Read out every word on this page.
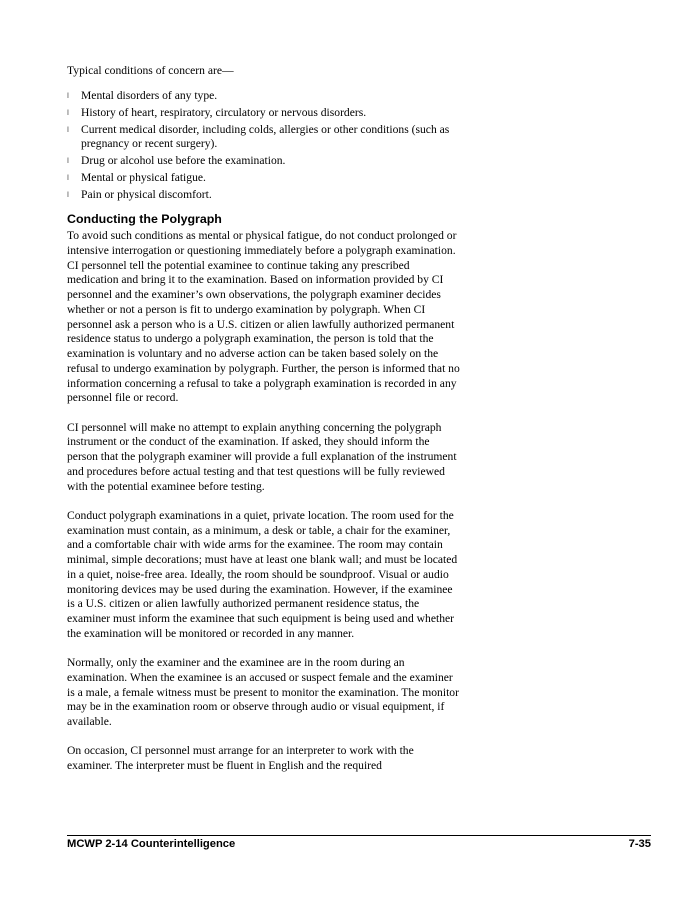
Typical conditions of concern are—

l Mental disorders of any type.
l History of heart, respiratory, circulatory or nervous disorders.
l Current medical disorder, including colds, allergies or other conditions (such as pregnancy or recent surgery).
l Drug or alcohol use before the examination.
l Mental or physical fatigue.
l Pain or physical discomfort.
Conducting the Polygraph

To avoid such conditions as mental or physical fatigue, do not conduct prolonged or intensive interrogation or questioning immediately before a polygraph examination. CI personnel tell the potential examinee to continue taking any prescribed medication and bring it to the examination. Based on information provided by CI personnel and the examiner’s own observations, the polygraph examiner decides whether or not a person is fit to undergo examination by polygraph. When CI personnel ask a person who is a U.S. citizen or alien lawfully authorized permanent residence status to undergo a polygraph examination, the person is told that the examination is voluntary and no adverse action can be taken based solely on the refusal to undergo examination by polygraph. Further, the person is informed that no information concerning a refusal to take a polygraph examination is recorded in any personnel file or record.

CI personnel will make no attempt to explain anything concerning the polygraph instrument or the conduct of the examination. If asked, they should inform the person that the polygraph examiner will provide a full explanation of the instrument and procedures before actual testing and that test questions will be fully reviewed with the potential examinee before testing.

Conduct polygraph examinations in a quiet, private location. The room used for the examination must contain, as a minimum, a desk or table, a chair for the examiner, and a comfortable chair with wide arms for the examinee. The room may contain minimal, simple decorations; must have at least one blank wall; and must be located in a quiet, noise-free area. Ideally, the room should be soundproof. Visual or audio monitoring devices may be used during the examination. However, if the examinee is a U.S. citizen or alien lawfully authorized permanent residence status, the examiner must inform the examinee that such equipment is being used and whether the examination will be monitored or recorded in any manner.

Normally, only the examiner and the examinee are in the room during an examination. When the examinee is an accused or suspect female and the examiner is a male, a female witness must be present to monitor the examination. The monitor may be in the examination room or observe through audio or visual equipment, if available.

On occasion, CI personnel must arrange for an interpreter to work with the examiner. The interpreter must be fluent in English and the required

MCWP 2-14 Counterintelligence	7-35
